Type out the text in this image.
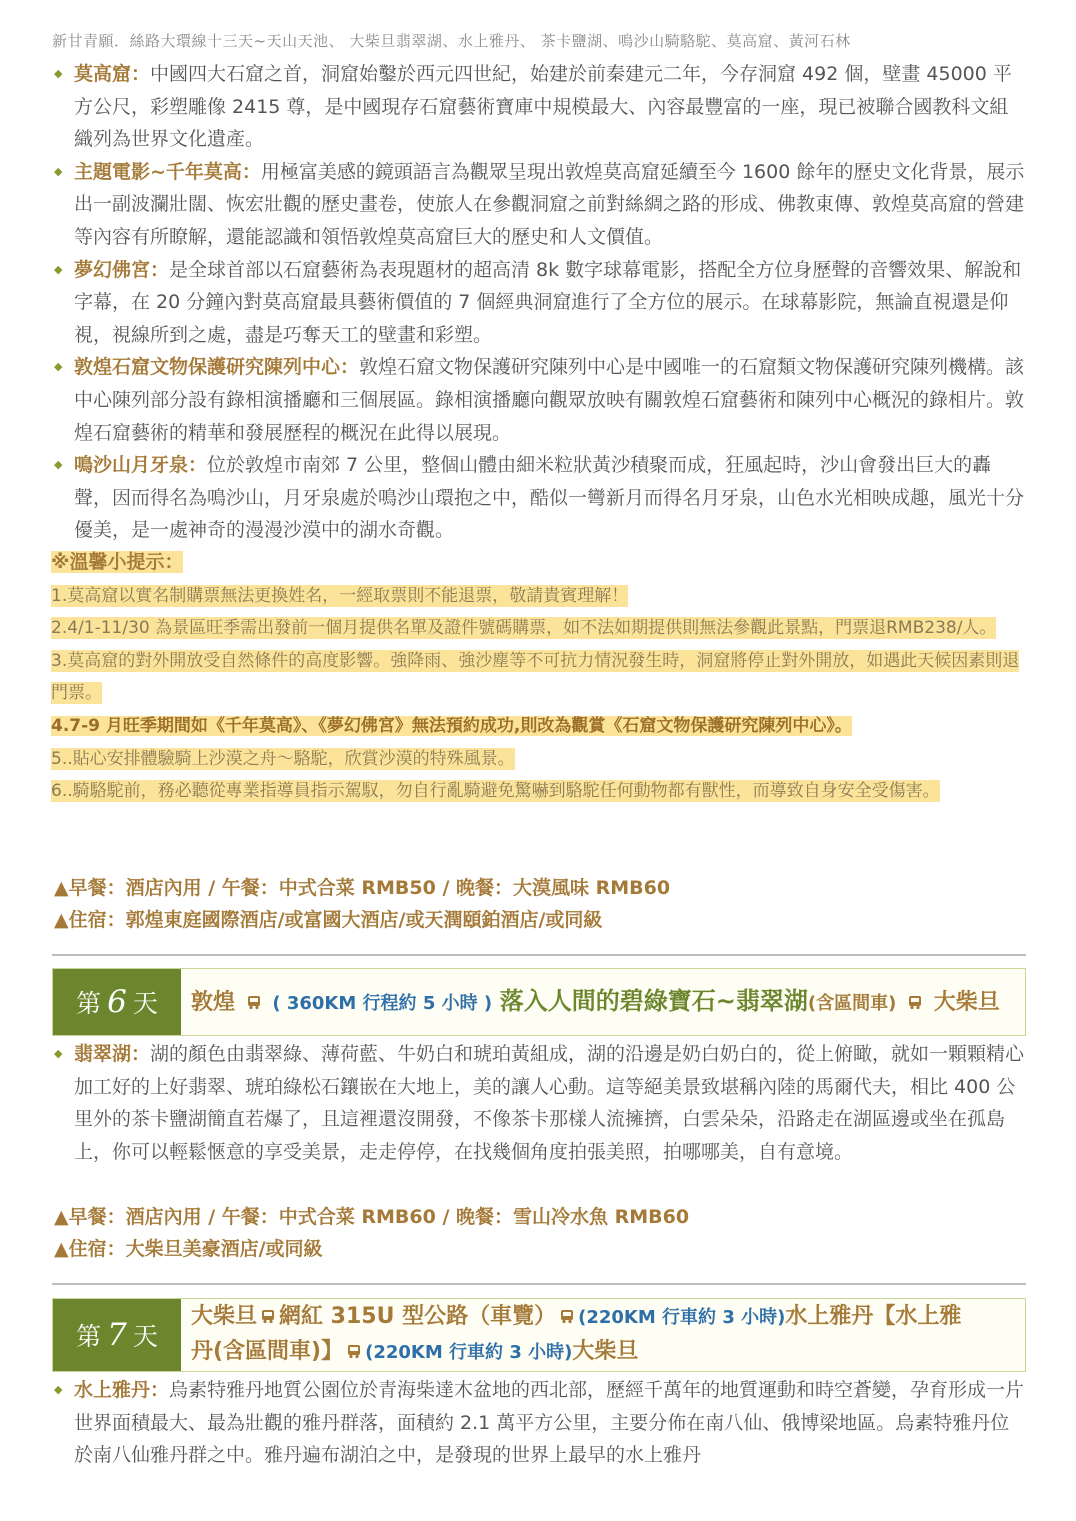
新甘青願．絲路大環線十三天~天山天池、 大柴旦翡翠湖、水上雅丹、 茶卡鹽湖、鳴沙山騎駱駝、莫高窟、黃河石林
◆ 莫高窟：中國四大石窟之首，洞窟始鑿於西元四世紀，始建於前秦建元二年，今存洞窟 492 個，壁畫 45000 平方公尺，彩塑雕像 2415 尊，是中國現存石窟藝術寶庫中規模最大、內容最豐富的一座，現已被聯合國教科文組織列為世界文化遺產。
◆ 主題電影~千年莫高：用極富美感的鏡頭語言為觀眾呈現出敦煌莫高窟延續至今 1600 餘年的歷史文化背景，展示出一副波瀾壯闊、恢宏壯觀的歷史畫卷，使旅人在參觀洞窟之前對絲綢之路的形成、佛教東傳、敦煌莫高窟的營建等內容有所瞭解，還能認識和領悟敦煌莫高窟巨大的歷史和人文價值。
◆ 夢幻佛宮：是全球首部以石窟藝術為表現題材的超高清 8k 數字球幕電影，搭配全方位身歷聲的音響效果、解說和字幕，在 20 分鐘內對莫高窟最具藝術價值的 7 個經典洞窟進行了全方位的展示。在球幕影院，無論直視還是仰視，視線所到之處，盡是巧奪天工的壁畫和彩塑。
◆ 敦煌石窟文物保護研究陳列中心：敦煌石窟文物保護研究陳列中心是中國唯一的石窟類文物保護研究陳列機構。該中心陳列部分設有錄相演播廳和三個展區。錄相演播廳向觀眾放映有關敦煌石窟藝術和陳列中心概況的錄相片。敦煌石窟藝術的精華和發展歷程的概況在此得以展現。
◆ 鳴沙山月牙泉：位於敦煌市南郊 7 公里，整個山體由細米粒狀黃沙積聚而成，狂風起時，沙山會發出巨大的轟聲，因而得名為鳴沙山，月牙泉處於鳴沙山環抱之中，酷似一彎新月而得名月牙泉，山色水光相映成趣，風光十分優美，是一處神奇的漫漫沙漠中的湖水奇觀。
※溫馨小提示：
1.莫高窟以實名制購票無法更換姓名，一經取票則不能退票，敬請貴賓理解！
2.4/1-11/30 為景區旺季需出發前一個月提供名單及證件號碼購票，如不法如期提供則無法參觀此景點，門票退RMB238/人。
3.莫高窟的對外開放受自然條件的高度影響。強降雨、強沙塵等不可抗力情況發生時，洞窟將停止對外開放，如遇此天候因素則退門票。
4.7-9 月旺季期間如《千年莫高》、《夢幻佛宮》無法預約成功,則改為觀賞《石窟文物保護研究陳列中心》。
5..貼心安排體驗騎上沙漠之舟～駱駝，欣賞沙漠的特殊風景。
6..騎駱駝前，務必聽從專業指導員指示駕馭，勿自行亂騎避免驚嚇到駱駝任何動物都有獸性，而導致自身安全受傷害。
▲早餐：酒店內用 / 午餐：中式合菜 RMB50 / 晚餐：大漠風味 RMB60
▲住宿：郭煌東庭國際酒店/或富國大酒店/或天潤頤鉑酒店/或同級
第 6 天 敦煌 ( 360KM 行程約 5 小時 ) 落入人間的碧綠寶石~翡翠湖(含區間車) 大柴旦
◆ 翡翠湖：湖的顏色由翡翠綠、薄荷藍、牛奶白和琥珀黃組成，湖的沿邊是奶白奶白的，從上俯瞰，就如一顆顆精心加工好的上好翡翠、琥珀綠松石鑲嵌在大地上，美的讓人心動。這等絕美景致堪稱內陸的馬爾代夫，相比 400 公里外的茶卡鹽湖簡直若爆了，且這裡還沒開發，不像茶卡那樣人流擁擠，白雲朵朵，沿路走在湖區邊或坐在孤島上，你可以輕鬆愜意的享受美景，走走停停，在找幾個角度拍張美照，拍哪哪美，自有意境。
▲早餐：酒店內用 / 午餐：中式合菜 RMB60 / 晚餐：雪山冷水魚 RMB60
▲住宿：大柴旦美豪酒店/或同級
第 7 天
大柴旦 網紅 315U 型公路（車覽） (220KM 行車約 3 小時)水上雅丹【水上雅
丹(含區間車)】 (220KM 行車約 3 小時)大柴旦
◆ 水上雅丹：烏素特雅丹地質公園位於青海柴達木盆地的西北部，歷經千萬年的地質運動和時空蒼變，孕育形成一片世界面積最大、最為壯觀的雅丹群落，面積約 2.1 萬平方公里，主要分佈在南八仙、俄博梁地區。烏素特雅丹位於南八仙雅丹群之中。雅丹遍布湖泊之中，是發現的世界上最早的水上雅丹
